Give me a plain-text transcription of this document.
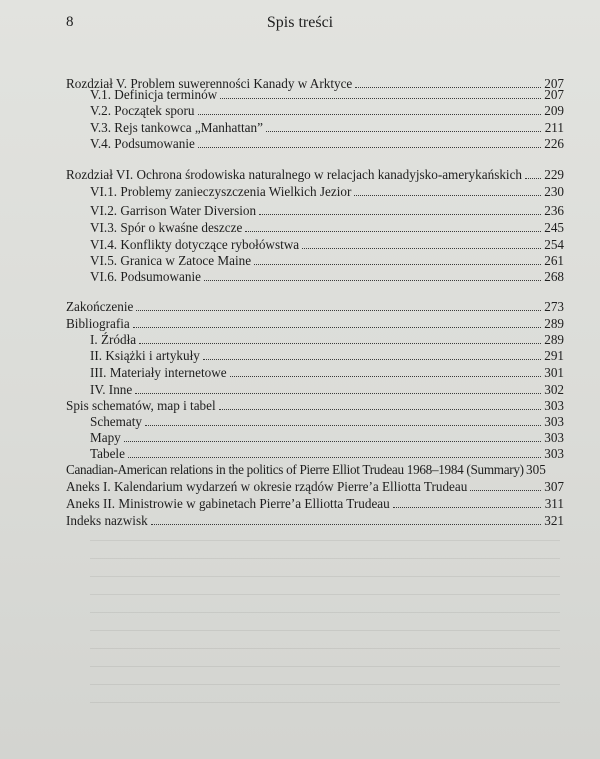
8	Spis treści
Rozdział V. Problem suwerenności Kanady w Arktyce	207
V.1. Definicja terminów	207
V.2. Początek sporu	209
V.3. Rejs tankowca „Manhattan”	211
V.4. Podsumowanie	226
Rozdział VI. Ochrona środowiska naturalnego w relacjach kanadyjsko-amerykańskich 229
VI.1. Problemy zanieczyszczenia Wielkich Jezior	230
VI.2. Garrison Water Diversion	236
VI.3. Spór o kwaśne deszcze	245
VI.4. Konflikty dotyczące rybołówstwa	254
VI.5. Granica w Zatoce Maine	261
VI.6. Podsumowanie	268
Zakończenie	273
Bibliografia	289
I. Źródła	289
II. Książki i artykuły	291
III. Materiały internetowe	301
IV. Inne	302
Spis schematów, map i tabel	303
Schematy	303
Mapy	303
Tabele	303
Canadian-American relations in the politics of Pierre Elliot Trudeau 1968–1984 (Summary) 305
Aneks I. Kalendarium wydarzeń w okresie rządów Pierre’a Elliotta Trudeau	307
Aneks II. Ministrowie w gabinetach Pierre’a Elliotta Trudeau	311
Indeks nazwisk	321
